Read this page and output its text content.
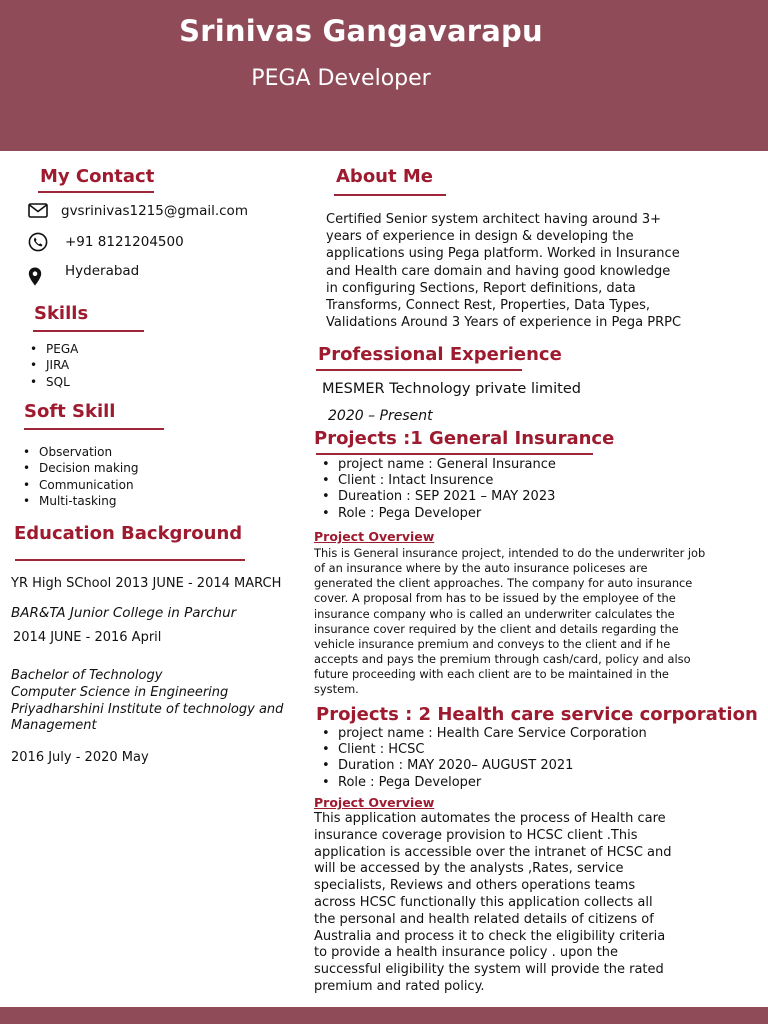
Srinivas Gangavarapu
PEGA Developer
My Contact
gvsrinivas1215@gmail.com
+91 8121204500
Hyderabad
Skills
• PEGA
• JIRA
• SQL
Soft Skill
• Observation
• Decision making
• Communication
• Multi-tasking
Education Background
YR High SChool 2013 JUNE - 2014 MARCH
BAR&TA Junior College in Parchur
2014 JUNE - 2016 April
Bachelor of Technology
Computer Science in Engineering
Priyadharshini Institute of technology and
Management
2016 July - 2020 May
About Me
Certified Senior system architect having around 3+
years of experience in design & developing the
applications using Pega platform. Worked in Insurance
and Health care domain and having good knowledge
in configuring Sections, Report definitions, data
Transforms, Connect Rest, Properties, Data Types,
Validations Around 3 Years of experience in Pega PRPC
Professional Experience
MESMER Technology private limited
2020 – Present
Projects :1 General Insurance
• project name : General Insurance
• Client : Intact Insurence
• Dureation : SEP 2021 – MAY 2023
• Role : Pega Developer
Project Overview
This is General insurance project, intended to do the underwriter job
of an insurance where by the auto insurance policeses are
generated the client approaches. The company for auto insurance
cover. A proposal from has to be issued by the employee of the
insurance company who is called an underwriter calculates the
insurance cover required by the client and details regarding the
vehicle insurance premium and conveys to the client and if he
accepts and pays the premium through cash/card, policy and also
future proceeding with each client are to be maintained in the
system.
Projects : 2 Health care service corporation
• project name : Health Care Service Corporation
• Client : HCSC
• Duration : MAY 2020– AUGUST 2021
• Role : Pega Developer
Project Overview
This application automates the process of Health care
insurance coverage provision to HCSC client .This
application is accessible over the intranet of HCSC and
will be accessed by the analysts ,Rates, service
specialists, Reviews and others operations teams
across HCSC functionally this application collects all
the personal and health related details of citizens of
Australia and process it to check the eligibility criteria
to provide a health insurance policy . upon the
successful eligibility the system will provide the rated
premium and rated policy.
